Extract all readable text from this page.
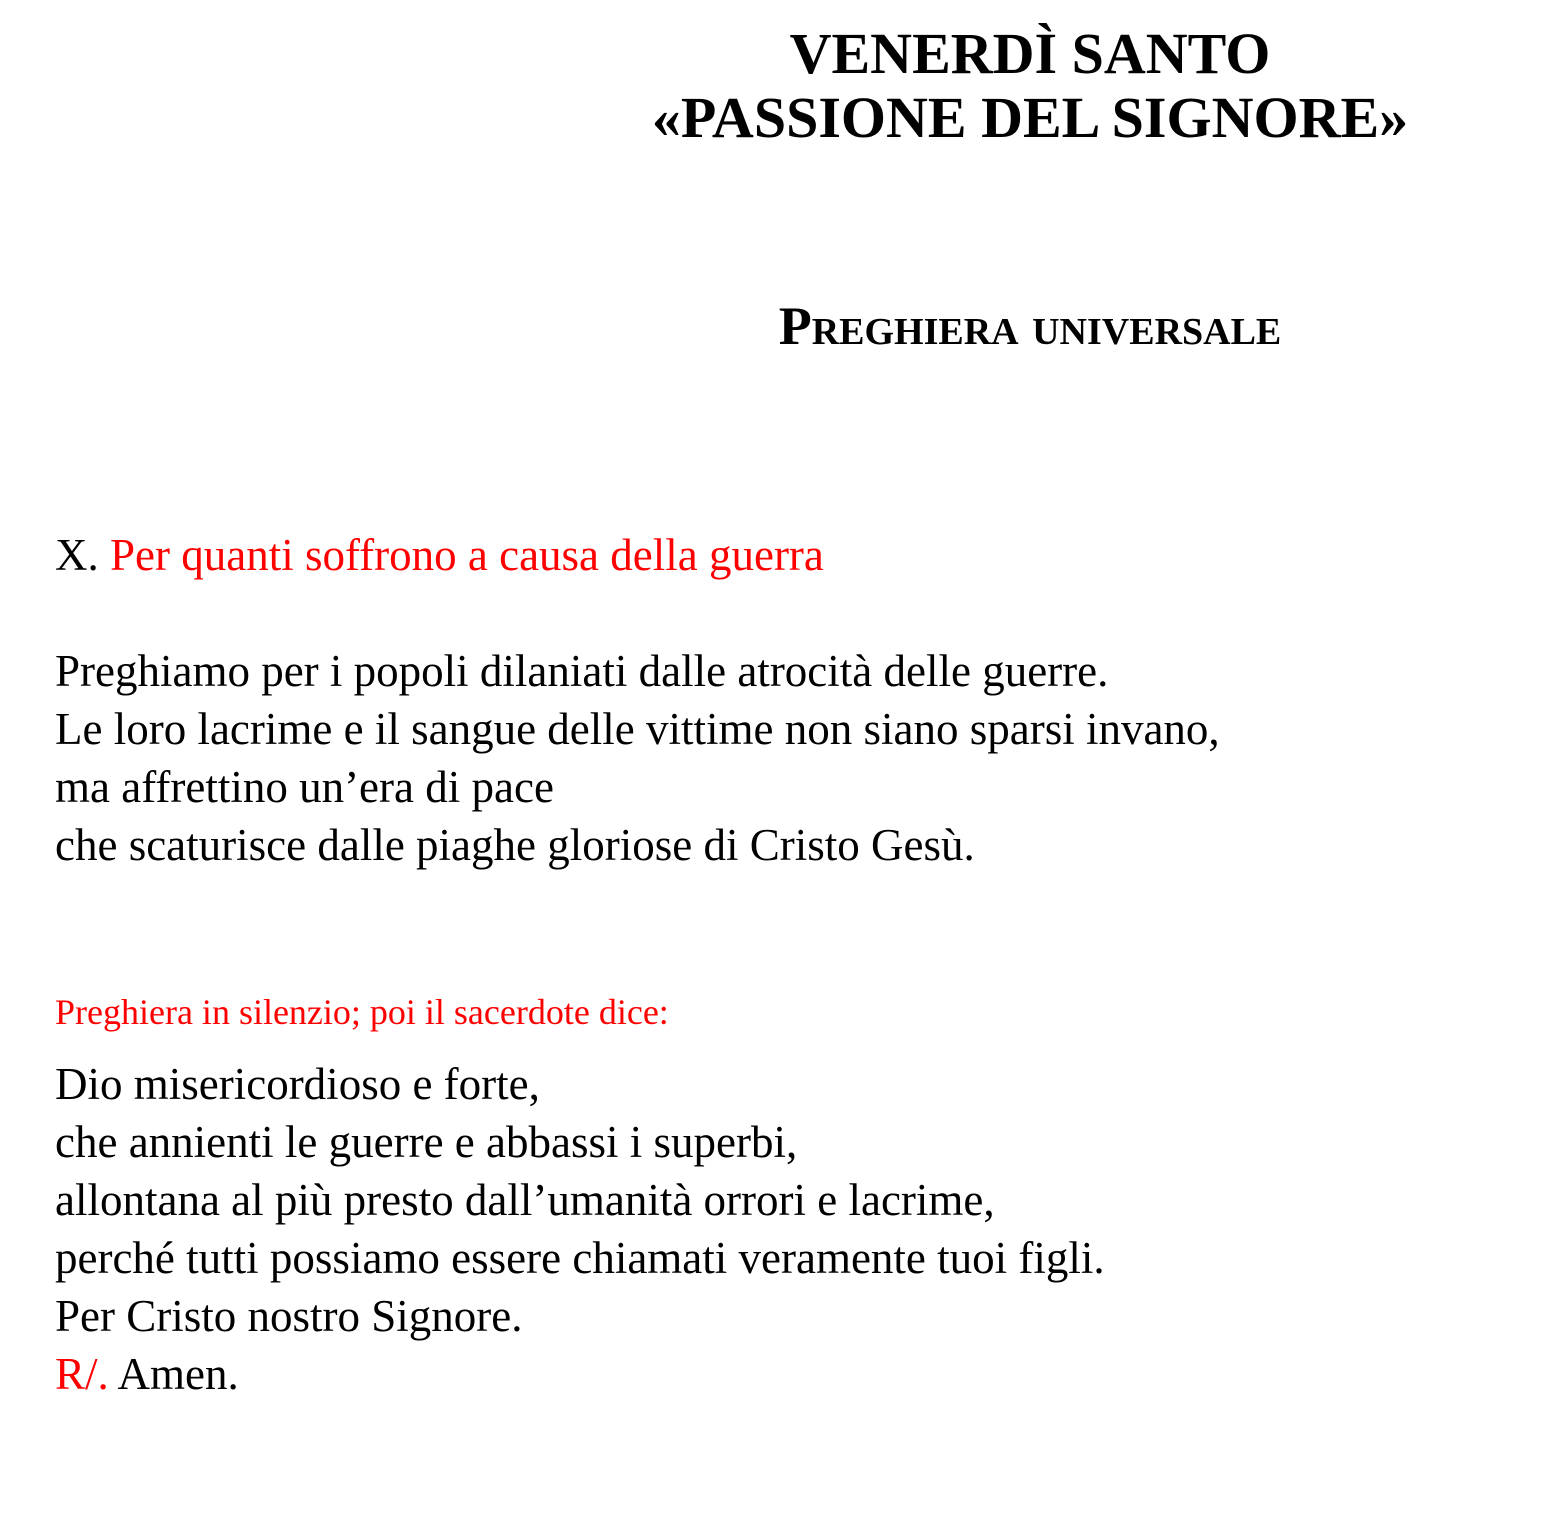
VENERDÌ SANTO
«PASSIONE DEL SIGNORE»
Preghiera universale
X. Per quanti soffrono a causa della guerra
Preghiamo per i popoli dilaniati dalle atrocità delle guerre.
Le loro lacrime e il sangue delle vittime non siano sparsi invano,
ma affrettino un’era di pace
che scaturisce dalle piaghe gloriose di Cristo Gesù.
Preghiera in silenzio; poi il sacerdote dice:
Dio misericordioso e forte,
che annienti le guerre e abbassi i superbi,
allontana al più presto dall’umanità orrori e lacrime,
perché tutti possiamo essere chiamati veramente tuoi figli.
Per Cristo nostro Signore.
R/. Amen.
